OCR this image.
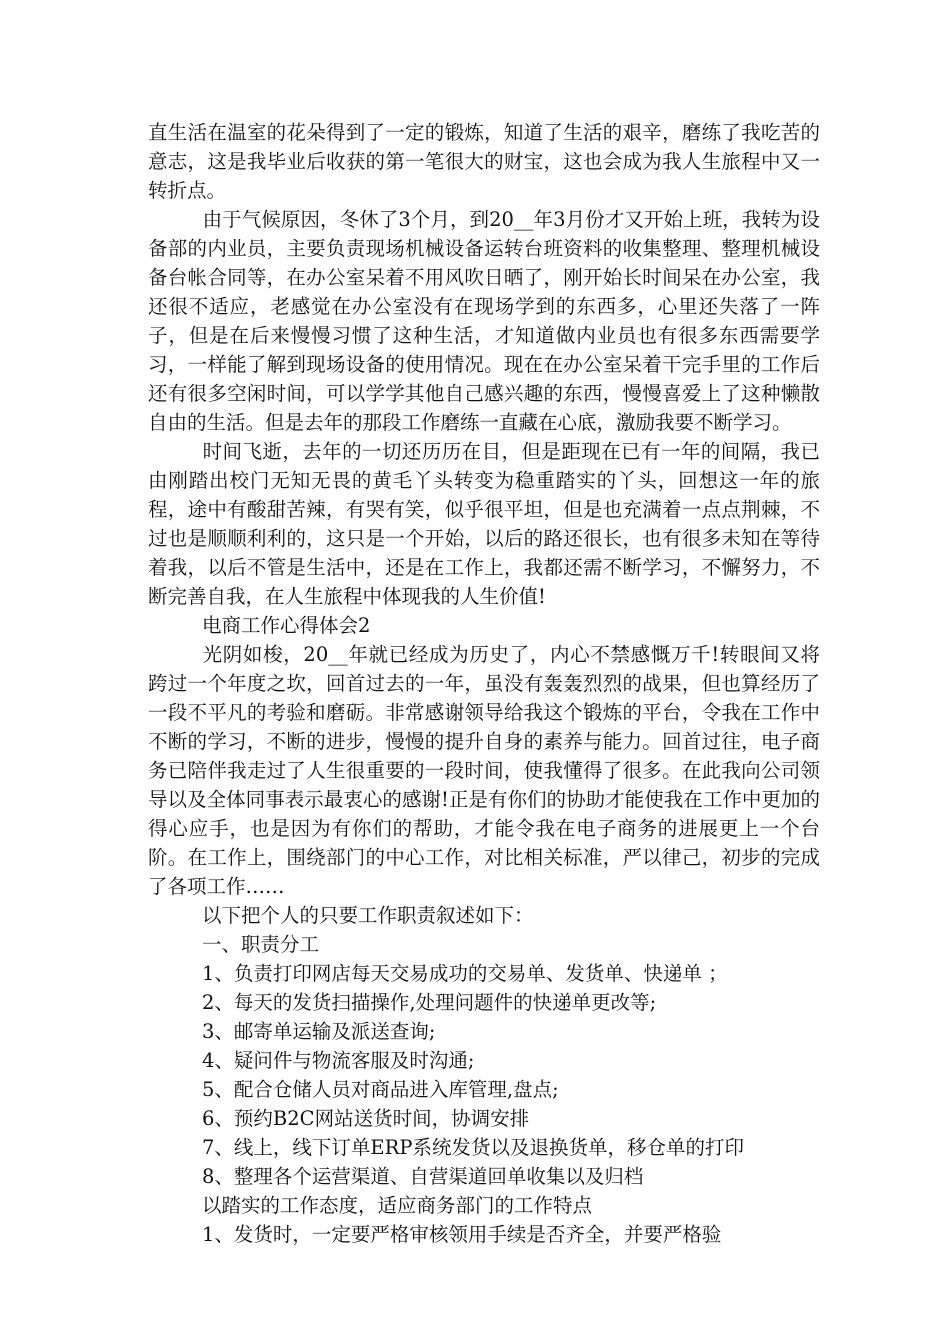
直生活在温室的花朵得到了一定的锻炼，知道了生活的艰辛，磨练了我吃苦的意志，这是我毕业后收获的第一笔很大的财宝，这也会成为我人生旅程中又一转折点。

由于气候原因，冬休了3个月，到20__年3月份才又开始上班，我转为设备部的内业员，主要负责现场机械设备运转台班资料的收集整理、整理机械设备台帐合同等，在办公室呆着不用风吹日晒了，刚开始长时间呆在办公室，我还很不适应，老感觉在办公室没有在现场学到的东西多，心里还失落了一阵子，但是在后来慢慢习惯了这种生活，才知道做内业员也有很多东西需要学习，一样能了解到现场设备的使用情况。现在在办公室呆着干完手里的工作后还有很多空闲时间，可以学学其他自己感兴趣的东西，慢慢喜爱上了这种懒散自由的生活。但是去年的那段工作磨练一直藏在心底，激励我要不断学习。

时间飞逝，去年的一切还历历在目，但是距现在已有一年的间隔，我已由刚踏出校门无知无畏的黄毛丫头转变为稳重踏实的丫头，回想这一年的旅程，途中有酸甜苦辣，有哭有笑，似乎很平坦，但是也充满着一点点荆棘，不过也是顺顺利利的，这只是一个开始，以后的路还很长，也有很多未知在等待着我，以后不管是生活中，还是在工作上，我都还需不断学习，不懈努力，不断完善自我，在人生旅程中体现我的人生价值!

电商工作心得体会2

光阴如梭，20__年就已经成为历史了，内心不禁感慨万千!转眼间又将跨过一个年度之坎，回首过去的一年，虽没有轰轰烈烈的战果，但也算经历了一段不平凡的考验和磨砺。非常感谢领导给我这个锻炼的平台，令我在工作中不断的学习，不断的进步，慢慢的提升自身的素养与能力。回首过往，电子商务已陪伴我走过了人生很重要的一段时间，使我懂得了很多。在此我向公司领导以及全体同事表示最衷心的感谢!正是有你们的协助才能使我在工作中更加的得心应手，也是因为有你们的帮助，才能令我在电子商务的进展更上一个台阶。在工作上，围绕部门的中心工作，对比相关标准，严以律己，初步的完成了各项工作……

以下把个人的只要工作职责叙述如下：

一、职责分工

1、负责打印网店每天交易成功的交易单、发货单、快递单 ；

2、每天的发货扫描操作,处理问题件的快递单更改等;

3、邮寄单运输及派送查询;

4、疑问件与物流客服及时沟通;

5、配合仓储人员对商品进入库管理,盘点;

6、预约B2C网站送货时间，协调安排

7、线上，线下订单ERP系统发货以及退换货单，移仓单的打印

8、整理各个运营渠道、自营渠道回单收集以及归档

以踏实的工作态度，适应商务部门的工作特点

1、发货时，一定要严格审核领用手续是否齐全，并要严格验
